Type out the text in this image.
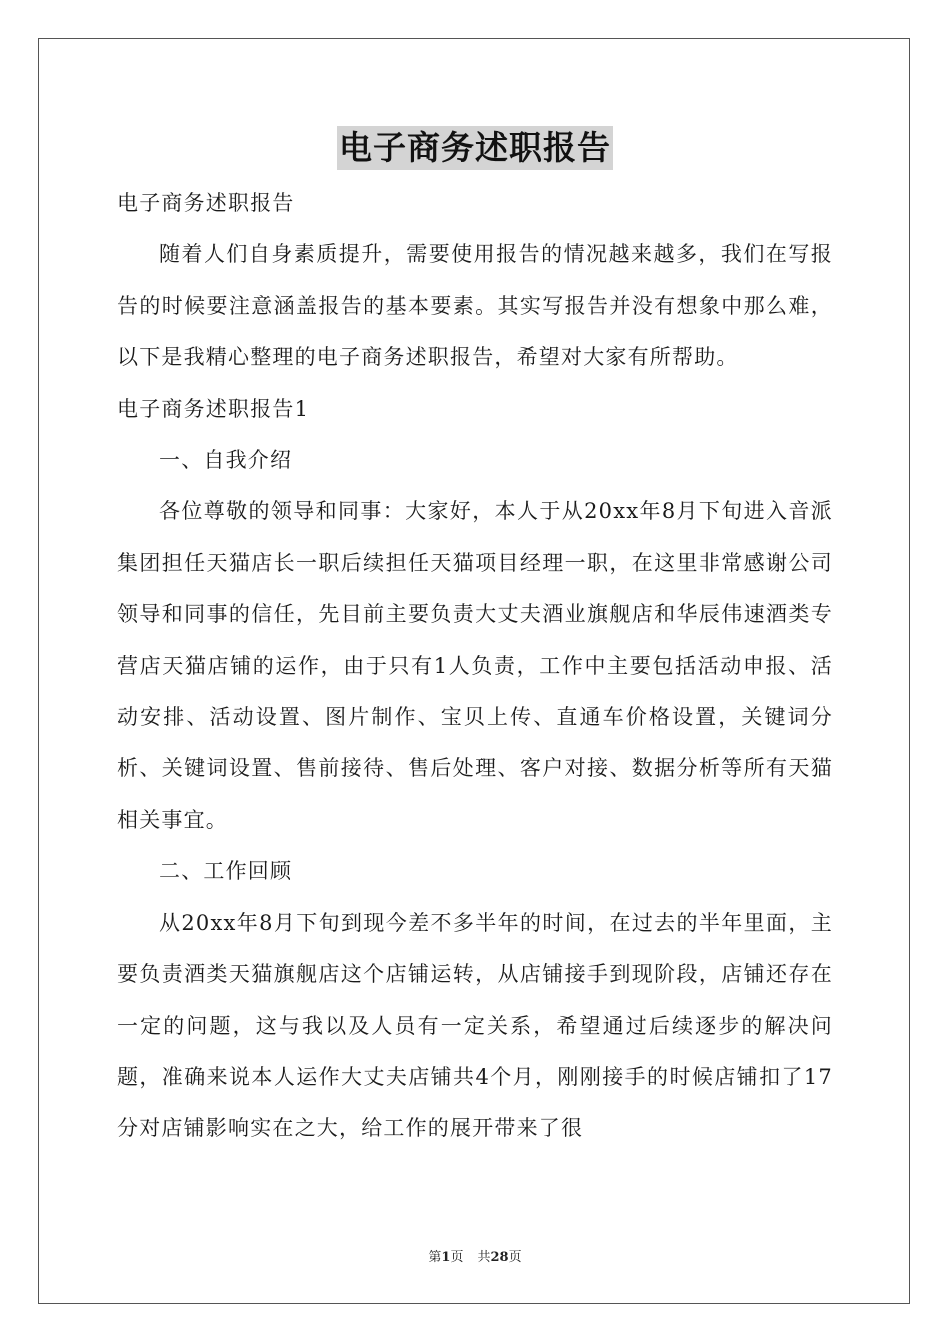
电子商务述职报告

电子商务述职报告

随着人们自身素质提升，需要使用报告的情况越来越多，我们在写报告的时候要注意涵盖报告的基本要素。其实写报告并没有想象中那么难，以下是我精心整理的电子商务述职报告，希望对大家有所帮助。

电子商务述职报告1

一、自我介绍

各位尊敬的领导和同事：大家好，本人于从20xx年8月下旬进入音派集团担任天猫店长一职后续担任天猫项目经理一职，在这里非常感谢公司领导和同事的信任，先目前主要负责大丈夫酒业旗舰店和华辰伟速酒类专营店天猫店铺的运作，由于只有1人负责，工作中主要包括活动申报、活动安排、活动设置、图片制作、宝贝上传、直通车价格设置，关键词分析、关键词设置、售前接待、售后处理、客户对接、数据分析等所有天猫相关事宜。

二、工作回顾

从20xx年8月下旬到现今差不多半年的时间，在过去的半年里面，主要负责酒类天猫旗舰店这个店铺运转，从店铺接手到现阶段，店铺还存在一定的问题，这与我以及人员有一定关系，希望通过后续逐步的解决问题，准确来说本人运作大丈夫店铺共4个月，刚刚接手的时候店铺扣了17分对店铺影响实在之大，给工作的展开带来了很

第1页 共28页
